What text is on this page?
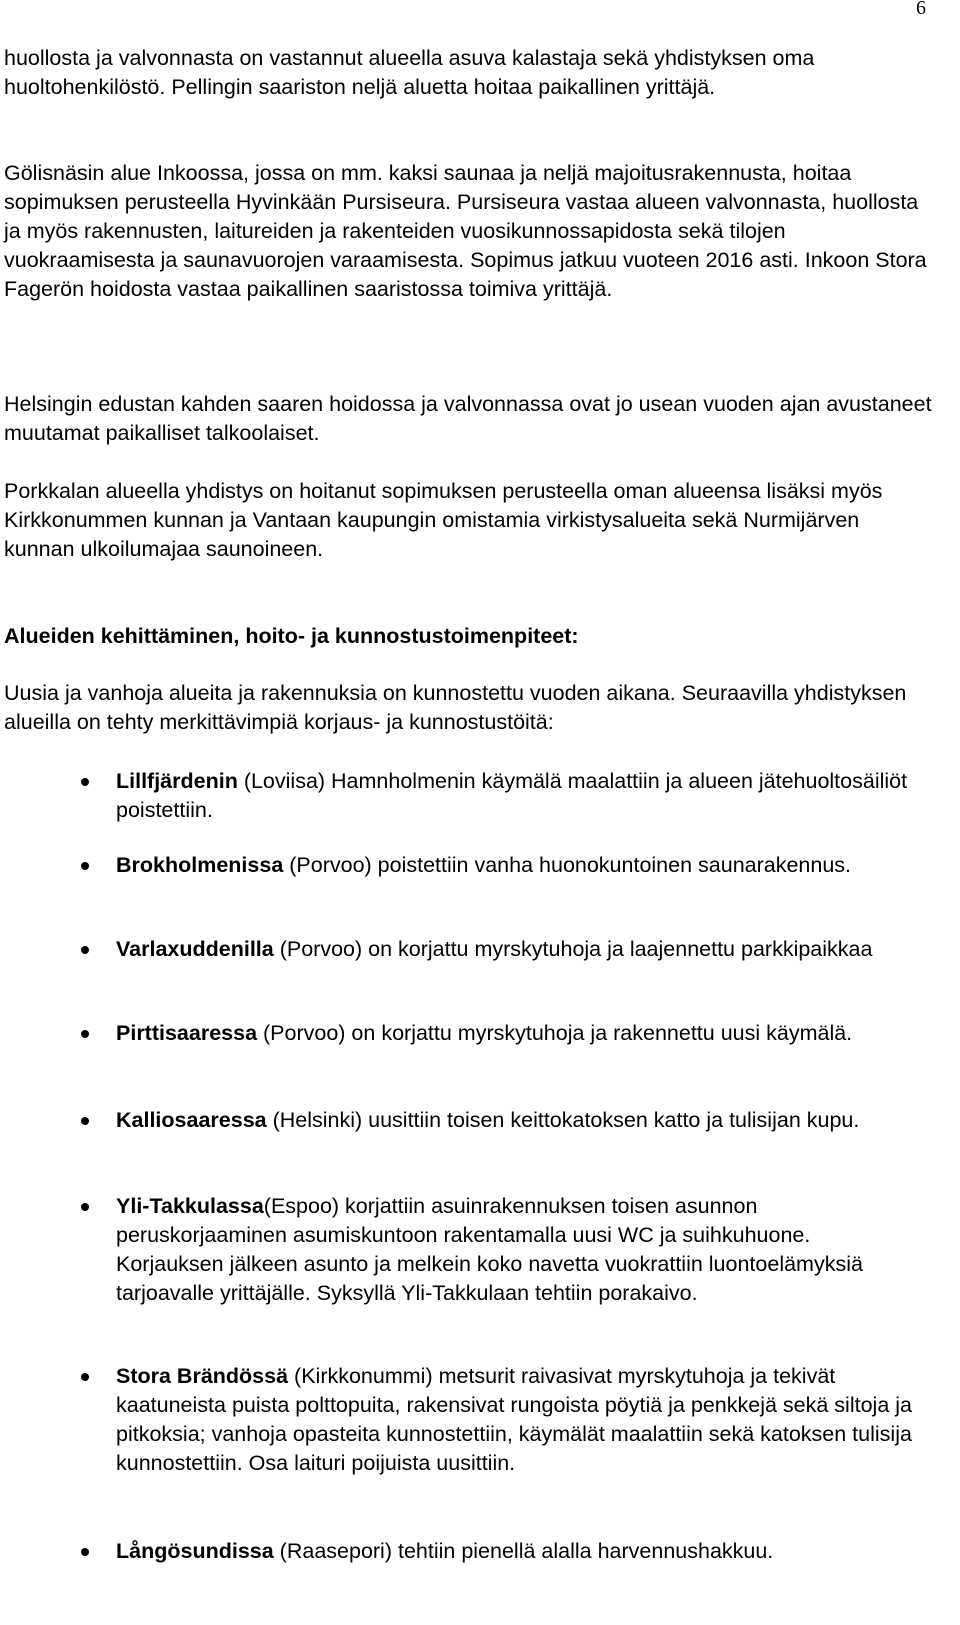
6

huollosta ja valvonnasta on vastannut alueella asuva kalastaja sekä yhdistyksen oma huoltohenkilöstö. Pellingin saariston neljä aluetta hoitaa paikallinen yrittäjä.

Gölisnäsin alue Inkoossa, jossa on mm. kaksi saunaa ja neljä majoitusrakennusta, hoitaa sopimuksen perusteella Hyvinkään Pursiseura. Pursiseura vastaa alueen valvonnasta, huollosta ja myös rakennusten, laitureiden ja rakenteiden vuosikunnossapidosta sekä tilojen vuokraamisesta ja saunavuorojen varaamisesta. Sopimus jatkuu vuoteen 2016 asti. Inkoon Stora Fagerön hoidosta vastaa paikallinen saaristossa toimiva yrittäjä.

Helsingin edustan kahden saaren hoidossa ja valvonnassa ovat jo usean vuoden ajan avustaneet muutamat paikalliset talkoolaiset.

Porkkalan alueella yhdistys on hoitanut sopimuksen perusteella oman alueensa lisäksi myös Kirkkonummen kunnan ja Vantaan kaupungin omistamia virkistysalueita sekä Nurmijärven kunnan ulkoilumajaa saunoineen.

Alueiden kehittäminen, hoito- ja kunnostustoimenpiteet:

Uusia ja vanhoja alueita ja rakennuksia on kunnostettu vuoden aikana. Seuraavilla yhdistyksen alueilla on tehty merkittävimpiä korjaus- ja kunnostustöitä:

Lillfjärdenin (Loviisa) Hamnholmenin käymälä maalattiin ja alueen jätehuoltosäiliöt poistettiin.
Brokholmenissa (Porvoo) poistettiin vanha huonokuntoinen saunarakennus.
Varlaxuddenilla (Porvoo) on korjattu myrskytuhoja ja laajennettu parkkipaikkaa
Pirttisaaressa (Porvoo) on korjattu myrskytuhoja ja rakennettu uusi käymälä.
Kalliosaaressa (Helsinki) uusittiin toisen keittokatoksen katto ja tulisijan kupu.
Yli-Takkulassa(Espoo) korjattiin asuinrakennuksen toisen asunnon peruskorjaaminen asumiskuntoon rakentamalla uusi WC ja suihkuhuone. Korjauksen jälkeen asunto ja melkein koko navetta vuokrattiin luontoelämyksiä tarjoavalle yrittäjälle. Syksyllä Yli-Takkulaan tehtiin porakaivo.
Stora Brändössä (Kirkkonummi) metsurit raivasivat myrskytuhoja ja tekivät kaatuneista puista polttopuita, rakensivat rungoista pöytiä ja penkkejä sekä siltoja ja pitkoksia; vanhoja opasteita kunnostettiin, käymälät maalattiin sekä katoksen tulisija kunnostettiin. Osa laituri poijuista uusittiin.
Långösundissa (Raasepori) tehtiin pienellä alalla harvennushakkuu.
